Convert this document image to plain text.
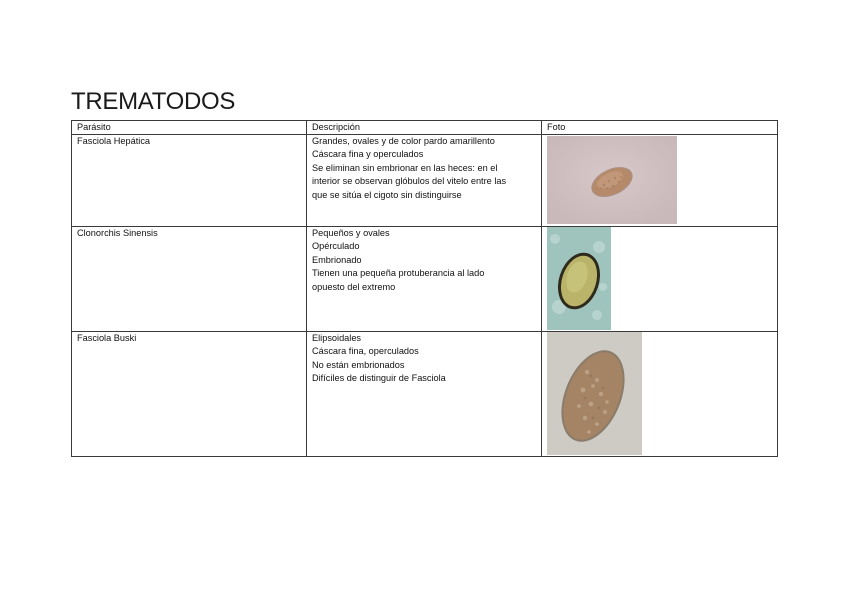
TREMATODOS
Parásito	Descripción	Foto
Fasciola Hepática	Grandes, ovales y de color pardo amarillento
Cáscara fina y operculados
Se eliminan sin embrionar en las heces: en el
interior se observan glóbulos del vitelo entre las
que se sitúa el cigoto sin distinguirse

Clonorchis Sinensis	Pequeños y ovales
Opérculado
Embrionado
Tienen una pequeña protuberancia al lado
opuesto del extremo

Fasciola Buski	Elipsoidales
Cáscara fina, operculados
No están embrionados
Difíciles de distinguir de Fasciola
